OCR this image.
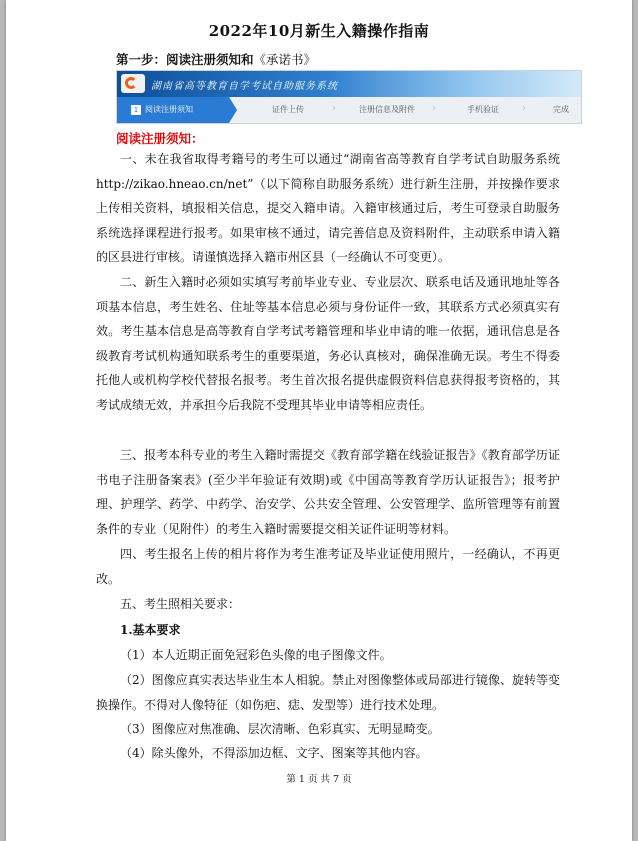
2022年10月新生入籍操作指南
第一步：阅读注册须知和《承诺书》
湖南省高等教育自学考试自助服务系统
1 阅读注册须知	证件上传	›	注册信息及附件 ›	手机验证 ›	完成
阅读注册须知：
一、未在我省取得考籍号的考生可以通过“湖南省高等教育自学考试自助服务系统 http://zikao.hneao.cn/net”（以下简称自助服务系统）进行新生注册，并按操作要求上传相关资料，填报相关信息，提交入籍申请。入籍审核通过后，考生可登录自助服务系统选择课程进行报考。如果审核不通过，请完善信息及资料附件，主动联系申请入籍的区县进行审核。请谨慎选择入籍市州区县（一经确认不可变更）。
二、新生入籍时必须如实填写考前毕业专业、专业层次、联系电话及通讯地址等各项基本信息，考生姓名、住址等基本信息必须与身份证件一致，其联系方式必须真实有效。考生基本信息是高等教育自学考试考籍管理和毕业申请的唯一依据，通讯信息是各级教育考试机构通知联系考生的重要渠道，务必认真核对，确保准确无误。考生不得委托他人或机构学校代替报名报考。考生首次报名提供虚假资料信息获得报考资格的，其考试成绩无效，并承担今后我院不受理其毕业申请等相应责任。
三、报考本科专业的考生入籍时需提交《教育部学籍在线验证报告》《教育部学历证书电子注册备案表》(至少半年验证有效期)或《中国高等教育学历认证报告》；报考护理、护理学、药学、中药学、治安学、公共安全管理、公安管理学、监所管理等有前置条件的专业（见附件）的考生入籍时需要提交相关证件证明等材料。
四、考生报名上传的相片将作为考生准考证及毕业证使用照片，一经确认，不再更改。
五、考生照相关要求：
1.基本要求
（1）本人近期正面免冠彩色头像的电子图像文件。
（2）图像应真实表达毕业生本人相貌。禁止对图像整体或局部进行镜像、旋转等变换操作。不得对人像特征（如伤疤、痣、发型等）进行技术处理。
（3）图像应对焦准确、层次清晰、色彩真实、无明显畸变。
（4）除头像外，不得添加边框、文字、图案等其他内容。
第 1 页 共 7 页
